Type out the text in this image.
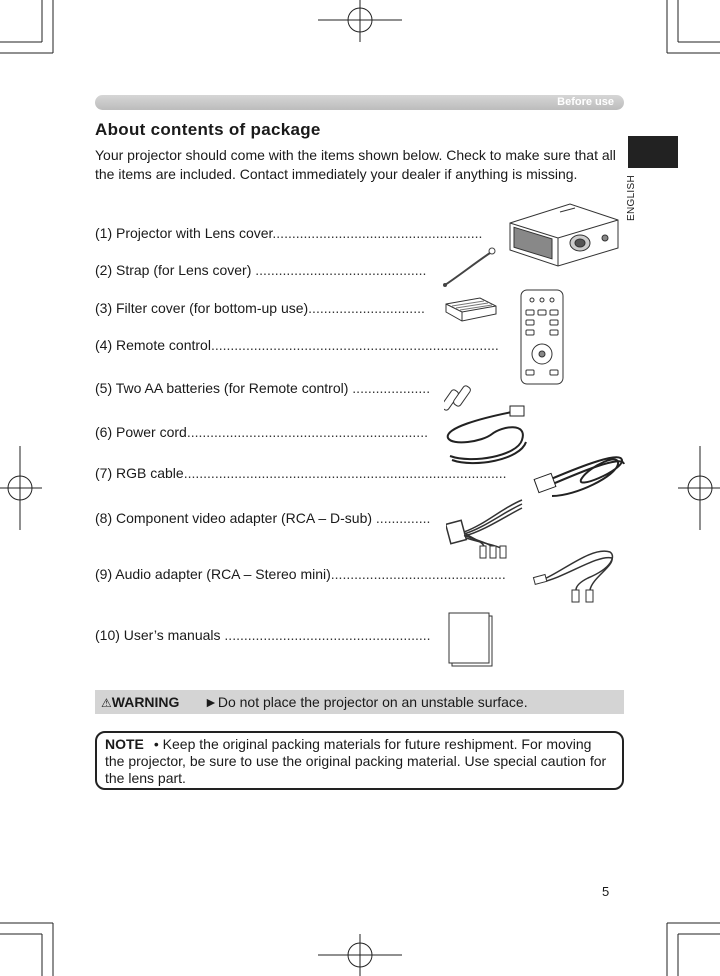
Before use
About contents of package
Your projector should come with the items shown below. Check to make sure that all the items are included. Contact immediately your dealer if anything is missing.
ENGLISH
(1) Projector with Lens cover......................................................
(2) Strap (for Lens cover) ............................................
(3) Filter cover (for bottom-up use)..............................
(4) Remote control..........................................................................
(5) Two AA batteries (for Remote control) ....................
(6) Power cord..............................................................
(7) RGB cable...................................................................................
(8) Component video adapter (RCA – D-sub) ..............
(9) Audio adapter (RCA – Stereo mini).............................................
(10) User’s manuals .....................................................
⚠WARNING ►Do not place the projector on an unstable surface.
NOTE • Keep the original packing materials for future reshipment. For moving the projector, be sure to use the original packing material. Use special caution for the lens part.
5
